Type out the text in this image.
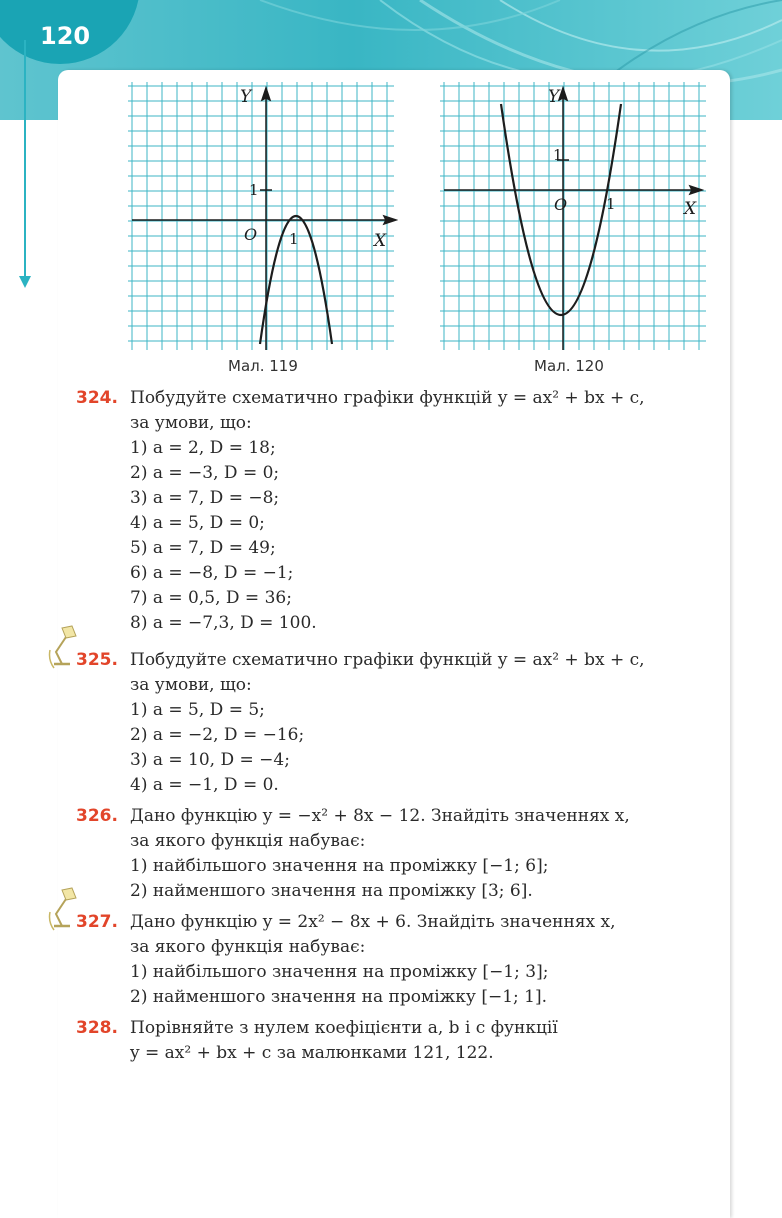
120
Y
X
O 1
1
Мал. 119
Y
X
O	1
1
Мал. 120
324. Побудуйте схематично графіки функцій y = ax² + bx + c,
за умови, що:
1) a = 2, D = 18;
2) a = −3, D = 0;
3) a = 7, D = −8;
4) a = 5, D = 0;
5) a = 7, D = 49;
6) a = −8, D = −1;
7) a = 0,5, D = 36;
8) a = −7,3, D = 100.
325. Побудуйте схематично графіки функцій y = ax² + bx + c,
за умови, що:
1) a = 5, D = 5;
2) a = −2, D = −16;
3) a = 10, D = −4;
4) a = −1, D = 0.
326. Дано функцію y = −x² + 8x − 12. Знайдіть значеннях x,
за якого функція набуває:
1) найбільшого значення на проміжку [−1; 6];
2) найменшого значення на проміжку [3; 6].
327. Дано функцію y = 2x² − 8x + 6. Знайдіть значеннях x,
за якого функція набуває:
1) найбільшого значення на проміжку [−1; 3];
2) найменшого значення на проміжку [−1; 1].
328. Порівняйте з нулем коефіцієнти a, b і c функції
y = ax² + bx + c за малюнками 121, 122.
